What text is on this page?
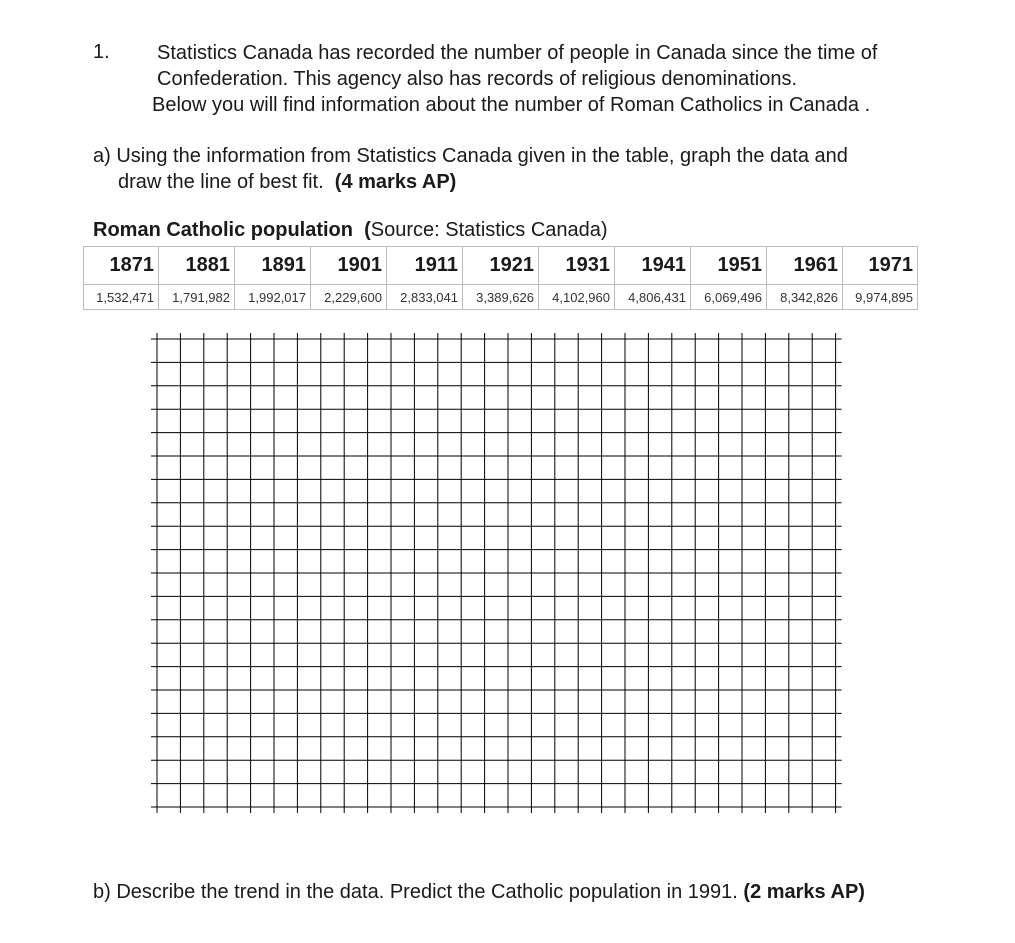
1. Statistics Canada has recorded the number of people in Canada since the time of
Confederation. This agency also has records of religious denominations.
Below you will find information about the number of Roman Catholics in Canada .
a) Using the information from Statistics Canada given in the table, graph the data and
draw the line of best fit. (4 marks AP)
Roman Catholic population (Source: Statistics Canada)
1871	1881	1891	1901	1911	1921	1931	1941	1951	1961	1971
1,532,471	1,791,982	1,992,017	2,229,600	2,833,041	3,389,626	4,102,960	4,806,431	6,069,496	8,342,826	9,974,895
b) Describe the trend in the data. Predict the Catholic population in 1991. (2 marks AP)
